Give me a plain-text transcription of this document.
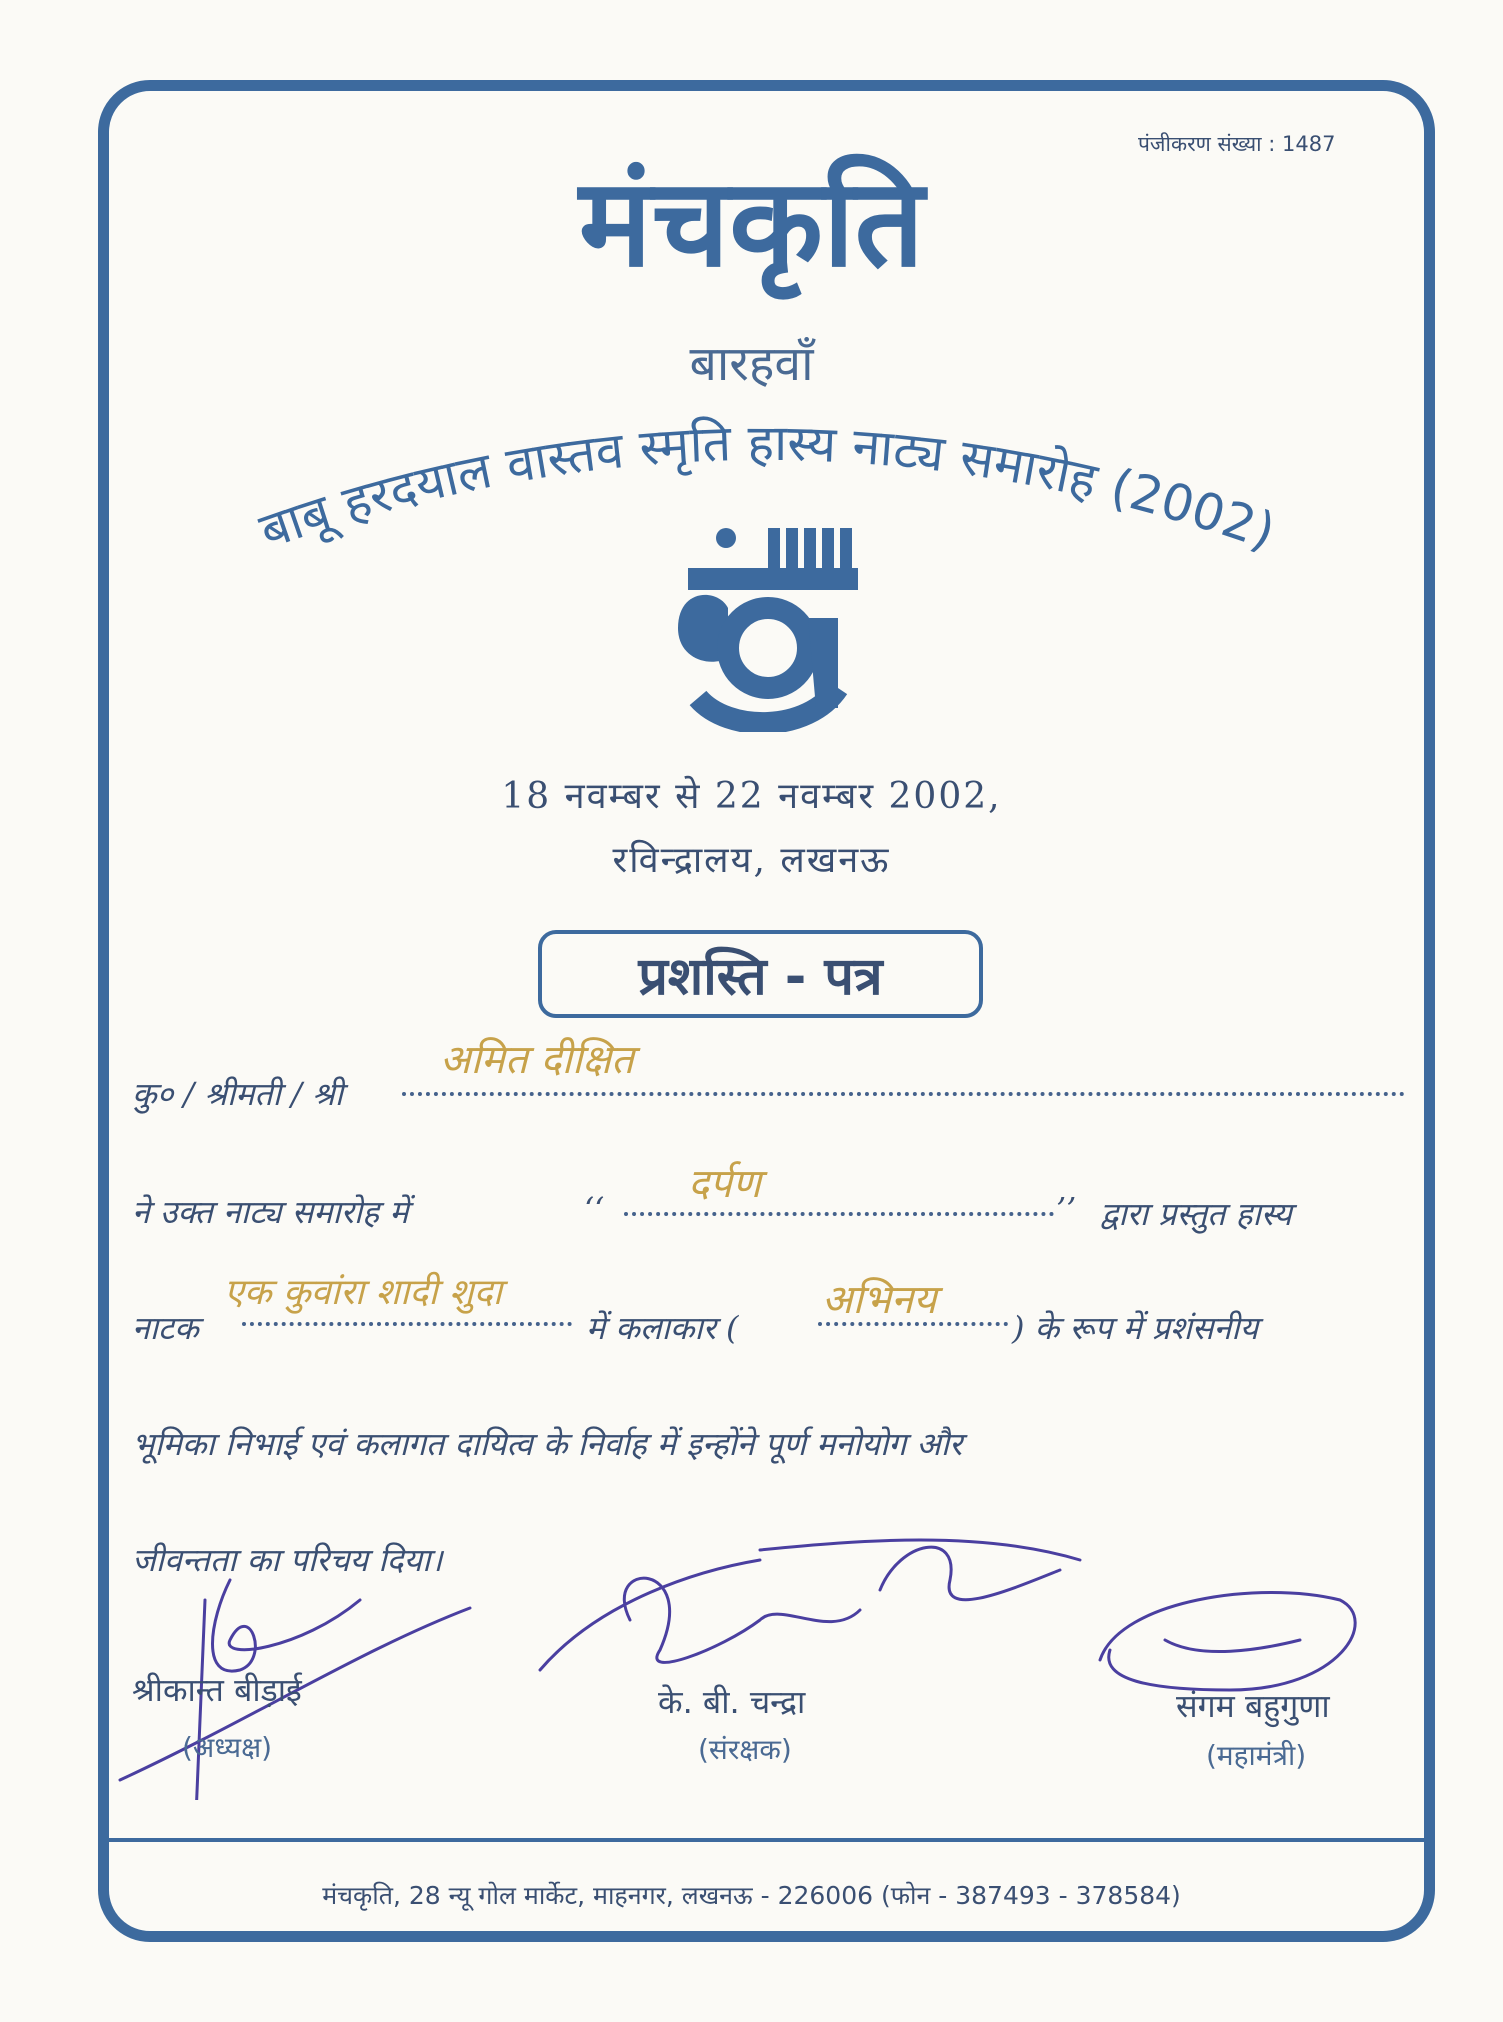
पंजीकरण संख्या : 1487
मंचकृति
बारहवाँ
बाबू हरदयाल वास्तव स्मृति हास्य नाट्य समारोह (2002)
18 नवम्बर से 22 नवम्बर 2002,
रविन्द्रालय, लखनऊ
प्रशस्ति - पत्र
कु० / श्रीमती / श्री
अमित दीक्षित
ने उक्त नाट्य समारोह में	‘‘	’’
दर्पण
द्वारा प्रस्तुत हास्य
नाटक
एक कुवांरा शादी शुदा
में कलाकार (
अभिनय
) के रूप में प्रशंसनीय
भूमिका निभाई एवं कलागत दायित्व के निर्वाह में इन्होंने पूर्ण मनोयोग और
जीवन्तता का परिचय दिया।
श्रीकान्त बीड़ाई
(अध्यक्ष)
के. बी. चन्द्रा
(संरक्षक)
संगम बहुगुणा
(महामंत्री)
मंचकृति, 28 न्यू गोल मार्केट, माहनगर, लखनऊ - 226006 (फोन - 387493 - 378584)
